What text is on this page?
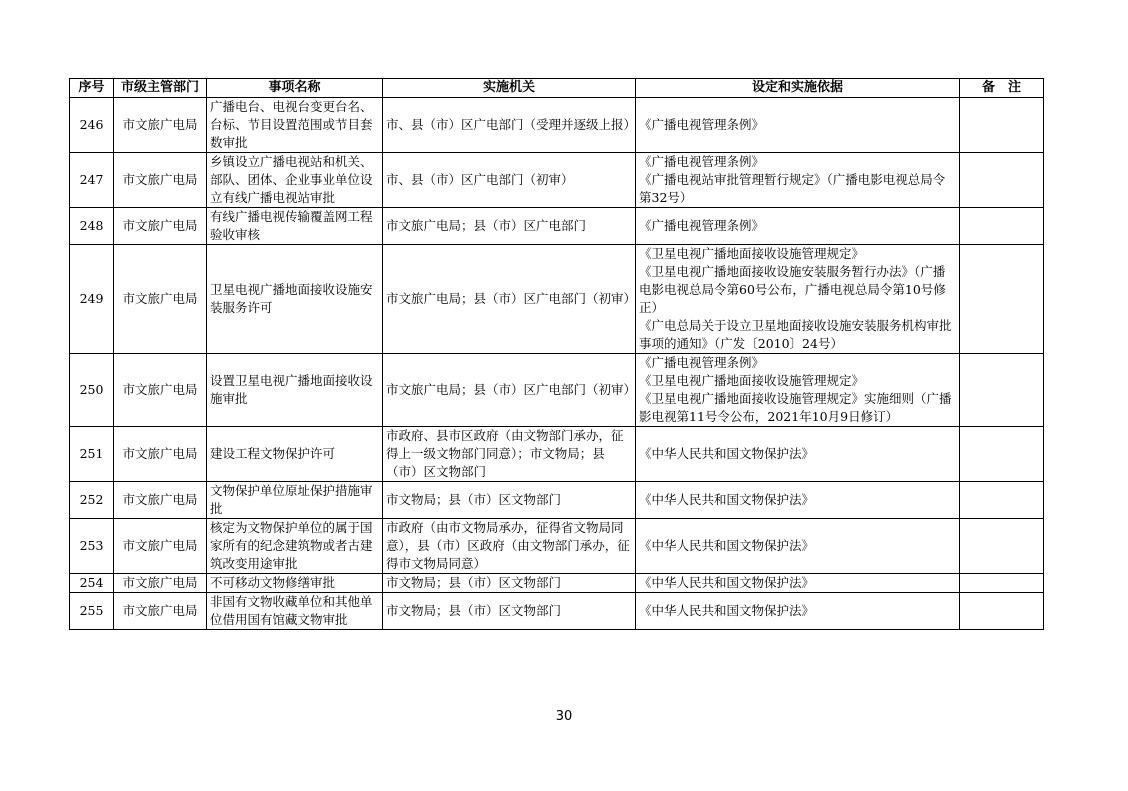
序号	市级主管部门	事项名称	实施机关	设定和实施依据	备　注

246	市文旅广电局	广播电台、电视台变更台名、台标、节目设置范围或节目套数审批	市、县（市）区广电部门（受理并逐级上报）	《广播电视管理条例》	

247	市文旅广电局	乡镇设立广播电视站和机关、部队、团体、企业事业单位设立有线广播电视站审批	市、县（市）区广电部门（初审）	《广播电视管理条例》
《广播电视站审批管理暂行规定》（广播电影电视总局令第32号）	

248	市文旅广电局	有线广播电视传输覆盖网工程验收审核	市文旅广电局；县（市）区广电部门	《广播电视管理条例》	

249	市文旅广电局	卫星电视广播地面接收设施安装服务许可	市文旅广电局；县（市）区广电部门（初审）	《卫星电视广播地面接收设施管理规定》
《卫星电视广播地面接收设施安装服务暂行办法》（广播电影电视总局令第60号公布，广播电视总局令第10号修正）
《广电总局关于设立卫星地面接收设施安装服务机构审批事项的通知》（广发〔2010〕24号）	

250	市文旅广电局	设置卫星电视广播地面接收设施审批	市文旅广电局；县（市）区广电部门（初审）	《广播电视管理条例》
《卫星电视广播地面接收设施管理规定》
《卫星电视广播地面接收设施管理规定》实施细则（广播影电视第11号令公布，2021年10月9日修订）	

251	市文旅广电局	建设工程文物保护许可	市政府、县市区政府（由文物部门承办，征得上一级文物部门同意）；市文物局；县（市）区文物部门	《中华人民共和国文物保护法》	

252	市文旅广电局	文物保护单位原址保护措施审批	市文物局；县（市）区文物部门	《中华人民共和国文物保护法》	

253	市文旅广电局	核定为文物保护单位的属于国家所有的纪念建筑物或者古建筑改变用途审批	市政府（由市文物局承办，征得省文物局同意），县（市）区政府（由文物部门承办，征得市文物局同意）	《中华人民共和国文物保护法》	

254	市文旅广电局	不可移动文物修缮审批	市文物局；县（市）区文物部门	《中华人民共和国文物保护法》	

255	市文旅广电局	非国有文物收藏单位和其他单位借用国有馆藏文物审批	市文物局；县（市）区文物部门	《中华人民共和国文物保护法》	

30
